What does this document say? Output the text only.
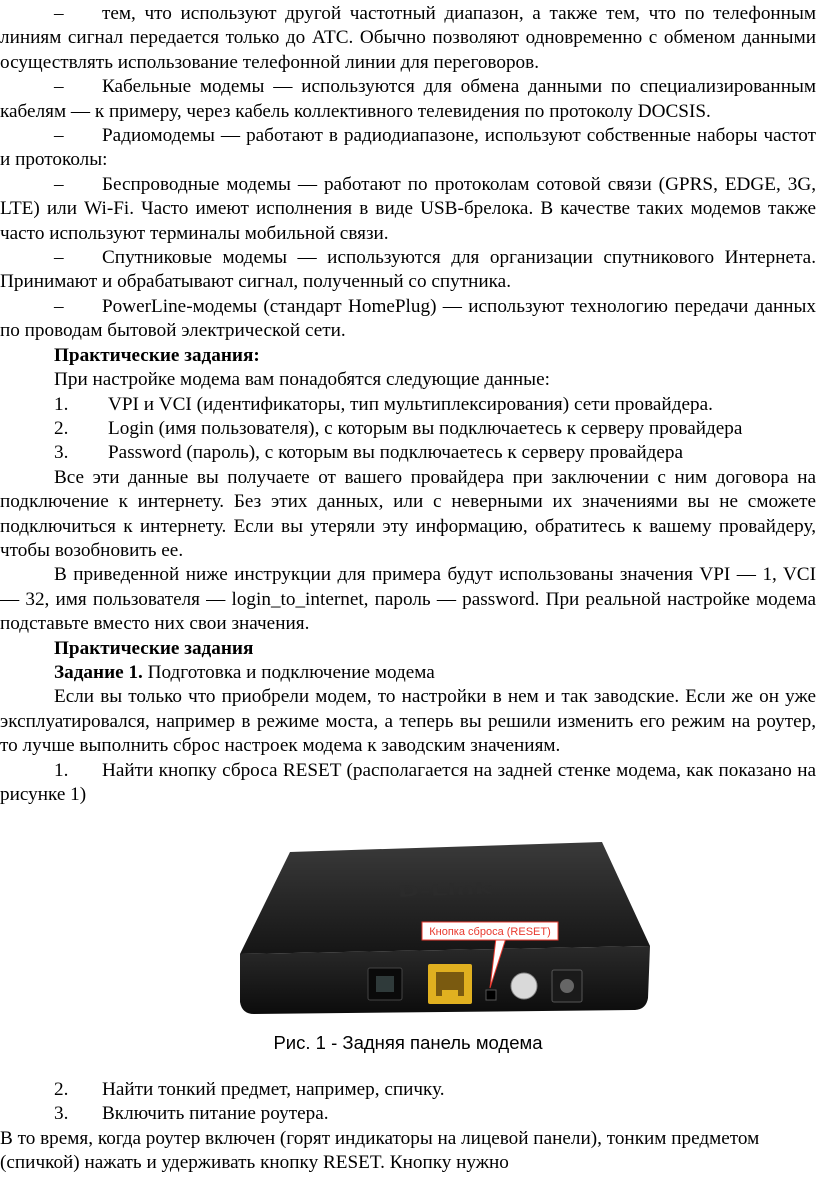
– тем, что используют другой частотный диапазон, а также тем, что по телефонным линиям сигнал передается только до АТС. Обычно позволяют одновременно с обменом данными осуществлять использование телефонной линии для переговоров.

– Кабельные модемы — используются для обмена данными по специализированным кабелям — к примеру, через кабель коллективного телевидения по протоколу DOCSIS.

– Радиомодемы — работают в радиодиапазоне, используют собственные наборы частот и протоколы:

– Беспроводные модемы — работают по протоколам сотовой связи (GPRS, EDGE, 3G, LTE) или Wi-Fi. Часто имеют исполнения в виде USB-брелока. В качестве таких модемов также часто используют терминалы мобильной связи.

– Спутниковые модемы — используются для организации спутникового Интернета. Принимают и обрабатывают сигнал, полученный со спутника.

– PowerLine-модемы (стандарт HomePlug) — используют технологию передачи данных по проводам бытовой электрической сети.

Практические задания:

При настройке модема вам понадобятся следующие данные:

1. VPI и VCI (идентификаторы, тип мультиплексирования) сети провайдера.

2. Login (имя пользователя), с которым вы подключаетесь к серверу провайдера

3. Password (пароль), с которым вы подключаетесь к серверу провайдера

Все эти данные вы получаете от вашего провайдера при заключении с ним договора на подключение к интернету. Без этих данных, или с неверными их значениями вы не сможете подключиться к интернету. Если вы утеряли эту информацию, обратитесь к вашему провайдеру, чтобы возобновить ее.

В приведенной ниже инструкции для примера будут использованы значения VPI — 1, VCI — 32, имя пользователя — login_to_internet, пароль — password. При реальной настройке модема подставьте вместо них свои значения.

Практические задания

Задание 1. Подготовка и подключение модема

Если вы только что приобрели модем, то настройки в нем и так заводские. Если же он уже эксплуатировался, например в режиме моста, а теперь вы решили изменить его режим на роутер, то лучше выполнить сброс настроек модема к заводским значениям.

1. Найти кнопку сброса RESET (располагается на задней стенке модема, как показано на рисунке 1)

D-Link
Кнопка сброса (RESET)
Рис. 1 - Задняя панель модема

2. Найти тонкий предмет, например, спичку.

3. Включить питание роутера.

В то время, когда роутер включен (горят индикаторы на лицевой панели), тонким предметом (спичкой) нажать и удерживать кнопку RESET. Кнопку нужно
